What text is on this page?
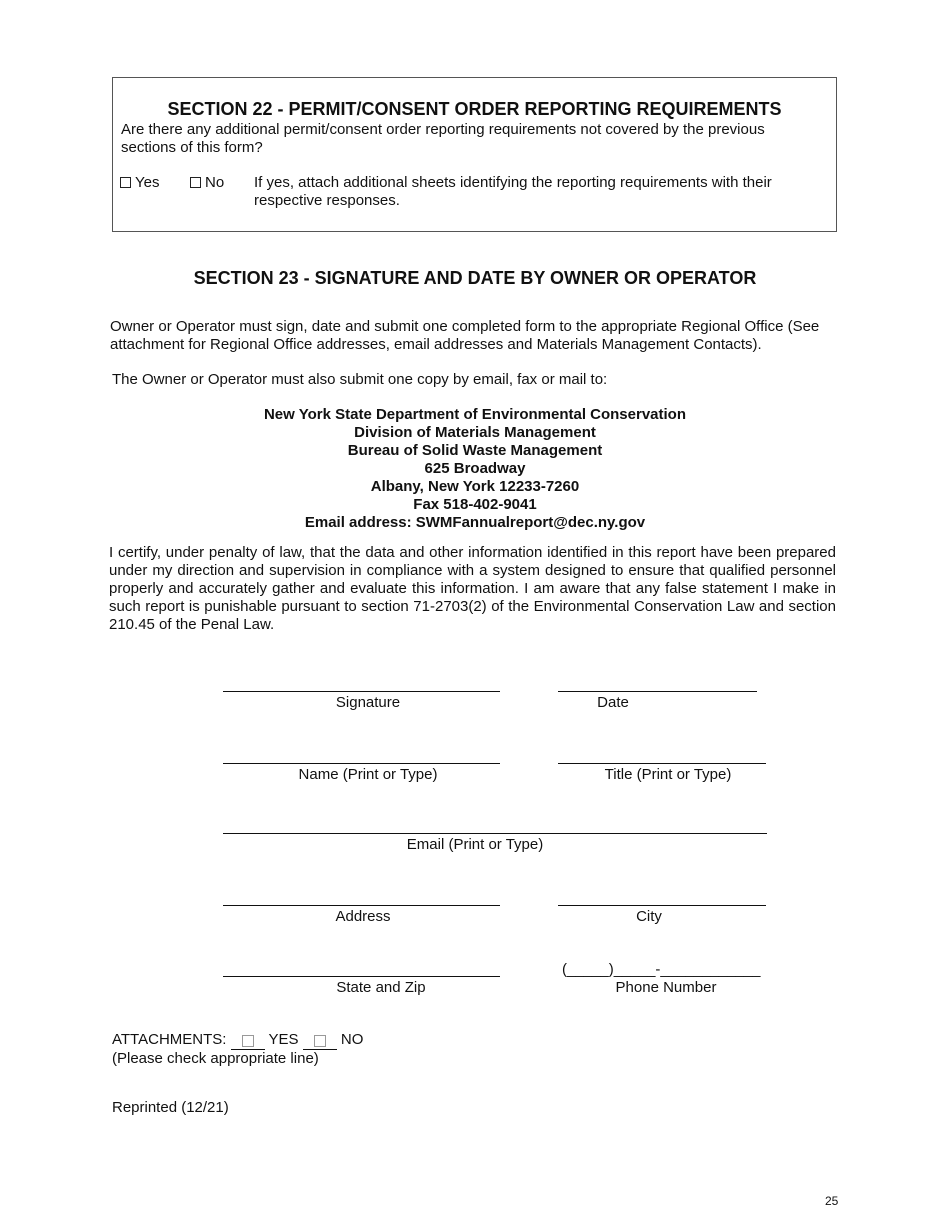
SECTION 22 - PERMIT/CONSENT ORDER REPORTING REQUIREMENTS
Are there any additional permit/consent order reporting requirements not covered by the previous sections of this form?
Yes	No If yes, attach additional sheets identifying the reporting requirements with their respective responses.
SECTION 23 - SIGNATURE AND DATE BY OWNER OR OPERATOR
Owner or Operator must sign, date and submit one completed form to the appropriate Regional Office (See attachment for Regional Office addresses, email addresses and Materials Management Contacts).
The Owner or Operator must also submit one copy by email, fax or mail to:
New York State Department of Environmental Conservation
Division of Materials Management
Bureau of Solid Waste Management
625 Broadway
Albany, New York 12233-7260
Fax 518-402-9041
Email address: SWMFannualreport@dec.ny.gov
I certify, under penalty of law, that the data and other information identified in this report have been prepared under my direction and supervision in compliance with a system designed to ensure that qualified personnel properly and accurately gather and evaluate this information. I am aware that any false statement I make in such report is punishable pursuant to section 71-2703(2) of the Environmental Conservation Law and section 210.45 of the Penal Law.
Signature	Date
Name (Print or Type)	Title (Print or Type)
Email (Print or Type)
Address	City
State and Zip
(_____)_____-____________
Phone Number
ATTACHMENTS:	YES	NO
(Please check appropriate line)
Reprinted (12/21)
25
